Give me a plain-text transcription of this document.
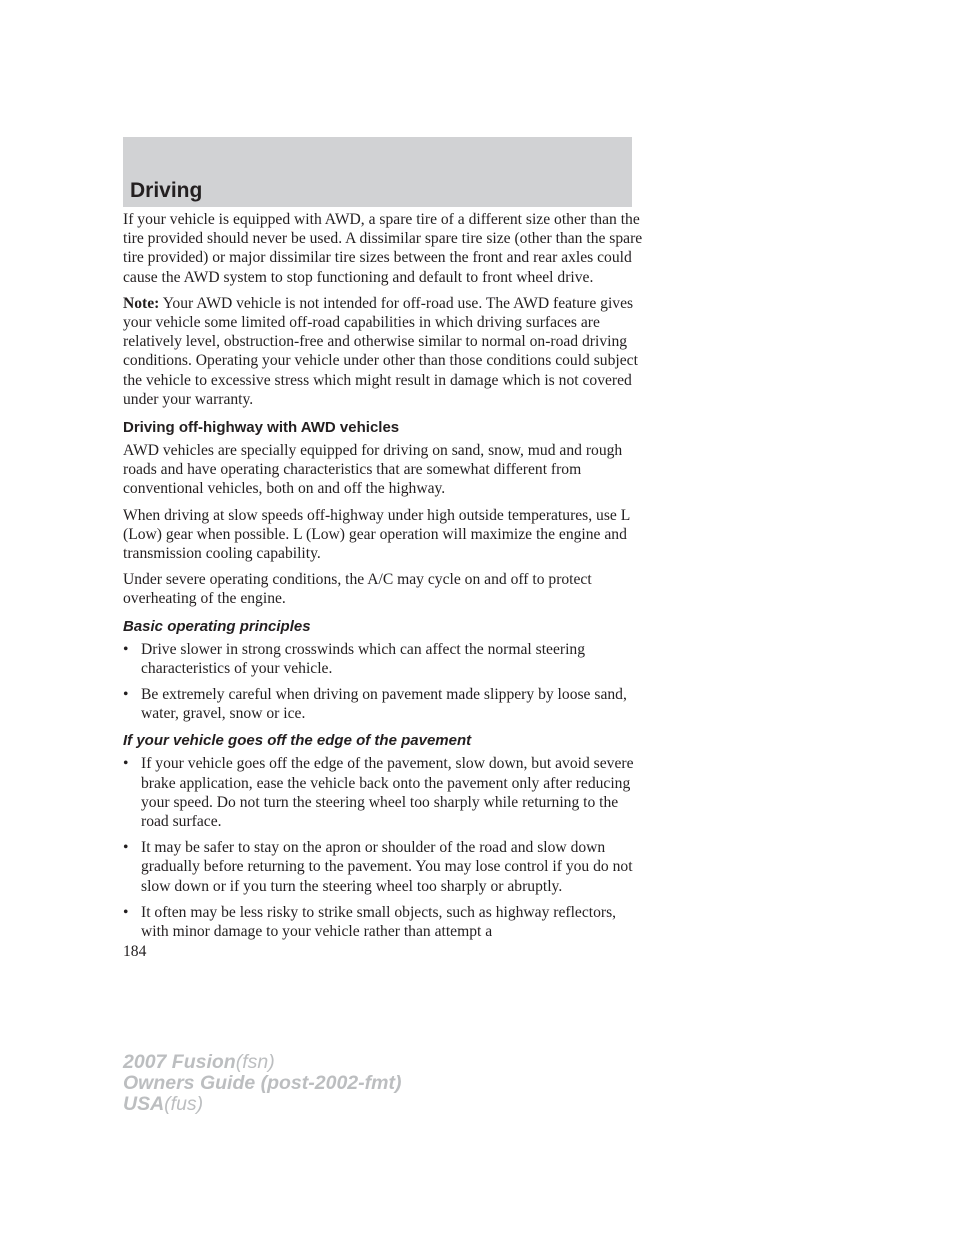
Driving

If your vehicle is equipped with AWD, a spare tire of a different size other than the tire provided should never be used. A dissimilar spare tire size (other than the spare tire provided) or major dissimilar tire sizes between the front and rear axles could cause the AWD system to stop functioning and default to front wheel drive.

Note: Your AWD vehicle is not intended for off-road use. The AWD feature gives your vehicle some limited off-road capabilities in which driving surfaces are relatively level, obstruction-free and otherwise similar to normal on-road driving conditions. Operating your vehicle under other than those conditions could subject the vehicle to excessive stress which might result in damage which is not covered under your warranty.

Driving off-highway with AWD vehicles

AWD vehicles are specially equipped for driving on sand, snow, mud and rough roads and have operating characteristics that are somewhat different from conventional vehicles, both on and off the highway.

When driving at slow speeds off-highway under high outside temperatures, use L (Low) gear when possible. L (Low) gear operation will maximize the engine and transmission cooling capability.

Under severe operating conditions, the A/C may cycle on and off to protect overheating of the engine.

Basic operating principles
• Drive slower in strong crosswinds which can affect the normal steering characteristics of your vehicle.
• Be extremely careful when driving on pavement made slippery by loose sand, water, gravel, snow or ice.
If your vehicle goes off the edge of the pavement
• If your vehicle goes off the edge of the pavement, slow down, but avoid severe brake application, ease the vehicle back onto the pavement only after reducing your speed. Do not turn the steering wheel too sharply while returning to the road surface.
• It may be safer to stay on the apron or shoulder of the road and slow down gradually before returning to the pavement. You may lose control if you do not slow down or if you turn the steering wheel too sharply or abruptly.
• It often may be less risky to strike small objects, such as highway reflectors, with minor damage to your vehicle rather than attempt a
184
2007 Fusion(fsn)
Owners Guide (post-2002-fmt)
USA(fus)
